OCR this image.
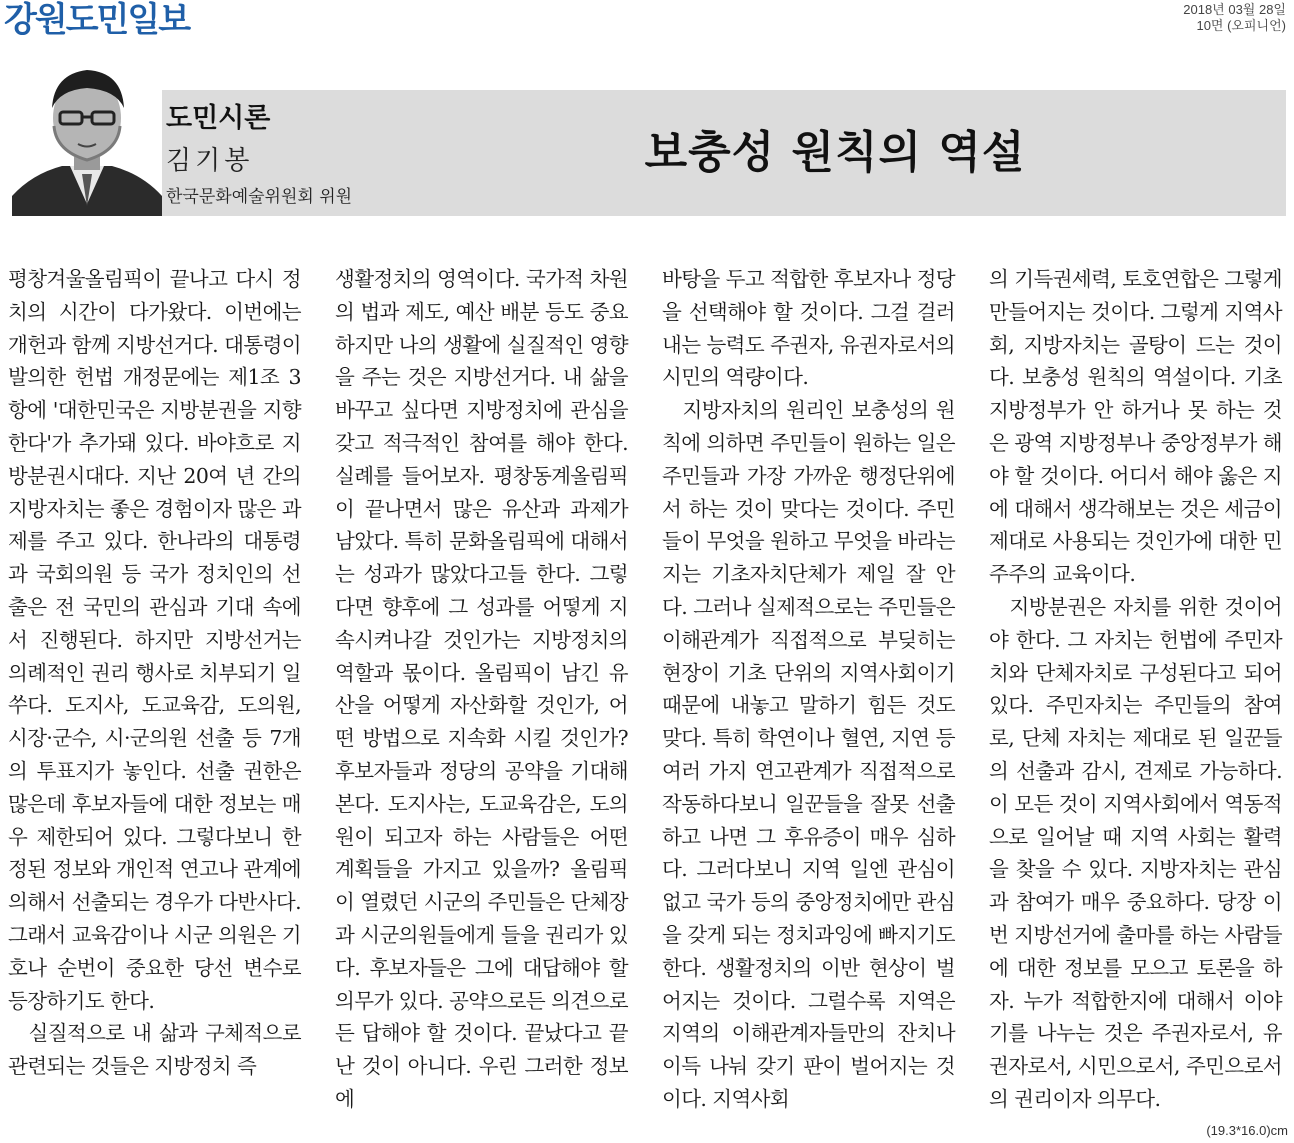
강원도민일보	2018년 03월 28일
10면 (오피니언)
도민시론
김기봉
한국문화예술위원회 위원
보충성 원칙의 역설

평창겨울올림픽이 끝나고 다시 정치의 시간이 다가왔다. 이번에는 개헌과 함께 지방선거다. 대통령이 발의한 헌법 개정문에는 제1조 3항에 '대한민국은 지방분권을 지향한다'가 추가돼 있다. 바야흐로 지방분권시대다. 지난 20여 년 간의 지방자치는 좋은 경험이자 많은 과제를 주고 있다. 한나라의 대통령과 국회의원 등 국가 정치인의 선출은 전 국민의 관심과 기대 속에서 진행된다. 하지만 지방선거는 의례적인 권리 행사로 치부되기 일쑤다. 도지사, 도교육감, 도의원, 시장·군수, 시·군의원 선출 등 7개의 투표지가 놓인다. 선출 권한은 많은데 후보자들에 대한 정보는 매우 제한되어 있다. 그렇다보니 한정된 정보와 개인적 연고나 관계에 의해서 선출되는 경우가 다반사다. 그래서 교육감이나 시군 의원은 기호나 순번이 중요한 당선 변수로 등장하기도 한다.

실질적으로 내 삶과 구체적으로 관련되는 것들은 지방정치 즉

생활정치의 영역이다. 국가적 차원의 법과 제도, 예산 배분 등도 중요하지만 나의 생활에 실질적인 영향을 주는 것은 지방선거다. 내 삶을 바꾸고 싶다면 지방정치에 관심을 갖고 적극적인 참여를 해야 한다. 실례를 들어보자. 평창동계올림픽이 끝나면서 많은 유산과 과제가 남았다. 특히 문화올림픽에 대해서는 성과가 많았다고들 한다. 그렇다면 향후에 그 성과를 어떻게 지속시켜나갈 것인가는 지방정치의 역할과 몫이다. 올림픽이 남긴 유산을 어떻게 자산화할 것인가, 어떤 방법으로 지속화 시킬 것인가? 후보자들과 정당의 공약을 기대해본다. 도지사는, 도교육감은, 도의원이 되고자 하는 사람들은 어떤 계획들을 가지고 있을까? 올림픽이 열렸던 시군의 주민들은 단체장과 시군의원들에게 들을 권리가 있다. 후보자들은 그에 대답해야 할 의무가 있다. 공약으로든 의견으로든 답해야 할 것이다. 끝났다고 끝난 것이 아니다. 우린 그러한 정보에

바탕을 두고 적합한 후보자나 정당을 선택해야 할 것이다. 그걸 걸러내는 능력도 주권자, 유권자로서의 시민의 역량이다.

지방자치의 원리인 보충성의 원칙에 의하면 주민들이 원하는 일은 주민들과 가장 가까운 행정단위에서 하는 것이 맞다는 것이다. 주민들이 무엇을 원하고 무엇을 바라는 지는 기초자치단체가 제일 잘 안다. 그러나 실제적으로는 주민들은 이해관계가 직접적으로 부딪히는 현장이 기초 단위의 지역사회이기 때문에 내놓고 말하기 힘든 것도 맞다. 특히 학연이나 혈연, 지연 등 여러 가지 연고관계가 직접적으로 작동하다보니 일꾼들을 잘못 선출하고 나면 그 후유증이 매우 심하다. 그러다보니 지역 일엔 관심이 없고 국가 등의 중앙정치에만 관심을 갖게 되는 정치과잉에 빠지기도 한다. 생활정치의 이반 현상이 벌어지는 것이다. 그럴수록 지역은 지역의 이해관계자들만의 잔치나 이득 나눠 갖기 판이 벌어지는 것이다. 지역사회

의 기득권세력, 토호연합은 그렇게 만들어지는 것이다. 그렇게 지역사회, 지방자치는 골탕이 드는 것이다. 보충성 원칙의 역설이다. 기초 지방정부가 안 하거나 못 하는 것은 광역 지방정부나 중앙정부가 해야 할 것이다. 어디서 해야 옳은 지에 대해서 생각해보는 것은 세금이 제대로 사용되는 것인가에 대한 민주주의 교육이다.

지방분권은 자치를 위한 것이어야 한다. 그 자치는 헌법에 주민자치와 단체자치로 구성된다고 되어 있다. 주민자치는 주민들의 참여로, 단체 자치는 제대로 된 일꾼들의 선출과 감시, 견제로 가능하다. 이 모든 것이 지역사회에서 역동적으로 일어날 때 지역 사회는 활력을 찾을 수 있다. 지방자치는 관심과 참여가 매우 중요하다. 당장 이번 지방선거에 출마를 하는 사람들에 대한 정보를 모으고 토론을 하자. 누가 적합한지에 대해서 이야기를 나누는 것은 주권자로서, 유권자로서, 시민으로서, 주민으로서의 권리이자 의무다.

(19.3*16.0)cm
